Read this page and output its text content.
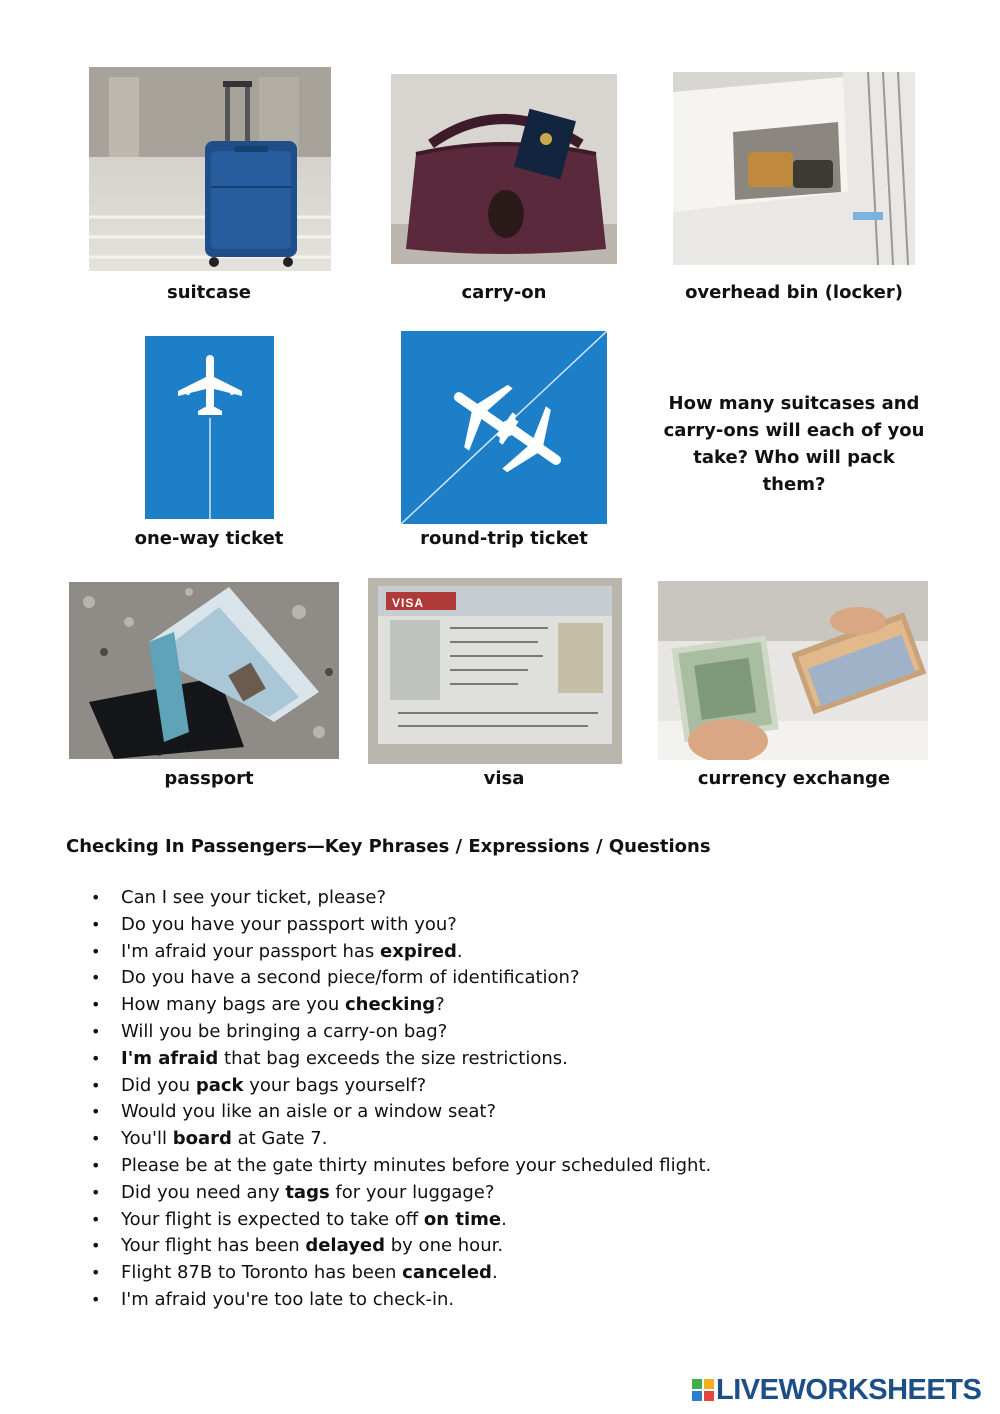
suitcase	carry-on	overhead bin (locker)
How many suitcases and carry-ons will each of you take? Who will pack them?
one-way ticket	round-trip ticket
VISA
passport	visa	currency exchange
Checking In Passengers—Key Phrases / Expressions / Questions
• Can I see your ticket, please?
• Do you have your passport with you?
• I'm afraid your passport has expired.
• Do you have a second piece/form of identification?
• How many bags are you checking?
• Will you be bringing a carry-on bag?
• I'm afraid that bag exceeds the size restrictions.
• Did you pack your bags yourself?
• Would you like an aisle or a window seat?
• You'll board at Gate 7.
• Please be at the gate thirty minutes before your scheduled flight.
• Did you need any tags for your luggage?
• Your flight is expected to take off on time.
• Your flight has been delayed by one hour.
• Flight 87B to Toronto has been canceled.
• I'm afraid you're too late to check-in.
LIVEWORKSHEETS
